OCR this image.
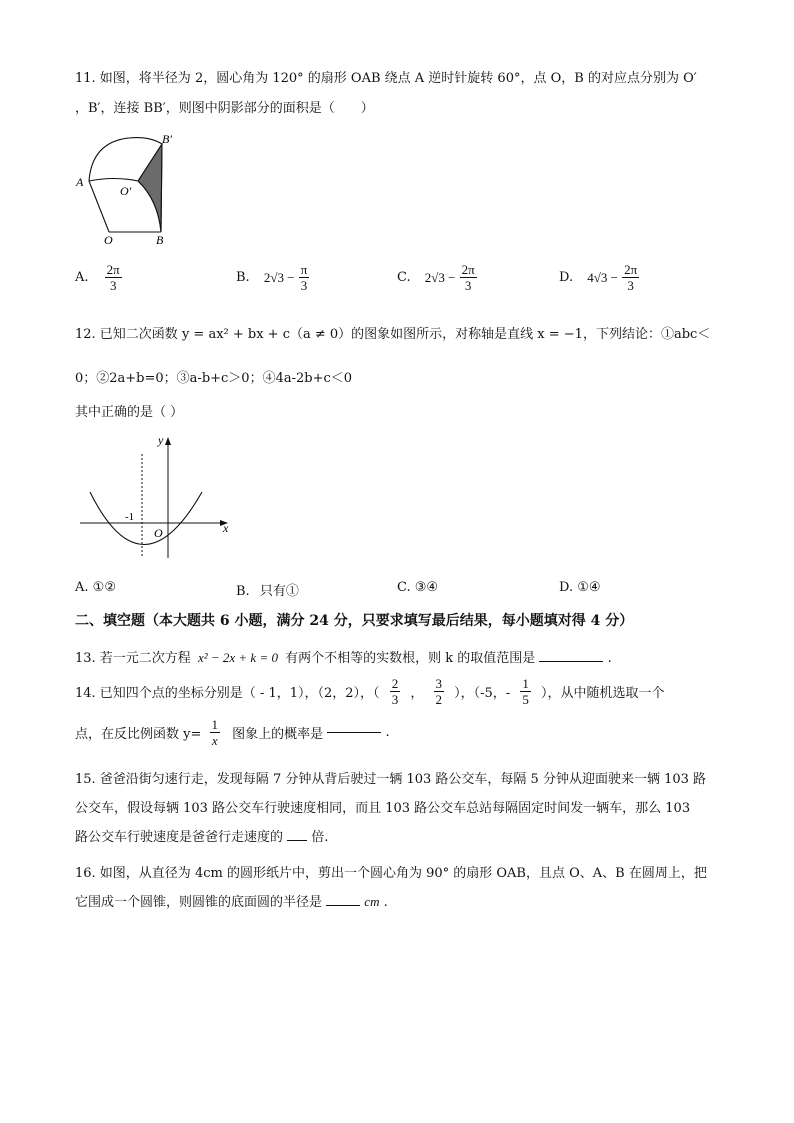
11. 如图，将半径为 2，圆心角为 120° 的扇形 OAB 绕点 A 逆时针旋转 60°，点 O，B 的对应点分别为 O′
，B′，连接 BB′，则图中阴影部分的面积是（　　）
A
O	B
O′
B′
A. $\frac{2\pi}{3}$	B. $2√3 - \frac{\pi}{3}$	C. $2√3 - \frac{2\pi}{3}$	D. $4√3 - \frac{2\pi}{3}$
12. 已知二次函数 y = ax² + bx + c（a ≠ 0）的图象如图所示，对称轴是直线 x = −1，下列结论：①abc＜
0；②2a+b=0；③a-b+c＞0；④4a-2b+c＜0
其中正确的是（ ）
y
x
O
-1
A. ①②	B. 只有①	C. ③④	D. ①④
二、填空题（本大题共 6 小题，满分 24 分，只要求填写最后结果，每小题填对得 4 分）
13. 若一元二次方程 x² − 2x + k = 0 有两个不相等的实数根，则 k 的取值范围是	.
14. 已知四个点的坐标分别是（ - 1，1），（2，2），（ $\frac{2}{3}$ ， $\frac{3}{2}$ ），（-5，- $\frac{1}{5}$ ），从中随机选取一个
点，在反比例函数 $y= \frac{1}{x}$ 图象上的概率是	.
15. 爸爸沿街匀速行走，发现每隔 7 分钟从背后驶过一辆 103 路公交车，每隔 5 分钟从迎面驶来一辆 103 路
公交车，假设每辆 103 路公交车行驶速度相同，而且 103 路公交车总站每隔固定时间发一辆车，那么 103
路公交车行驶速度是爸爸行走速度的 倍.
16. 如图，从直径为 4cm 的圆形纸片中，剪出一个圆心角为 90° 的扇形 OAB，且点 O、A、B 在圆周上，把
它围成一个圆锥，则圆锥的底面圆的半径是	cm .
